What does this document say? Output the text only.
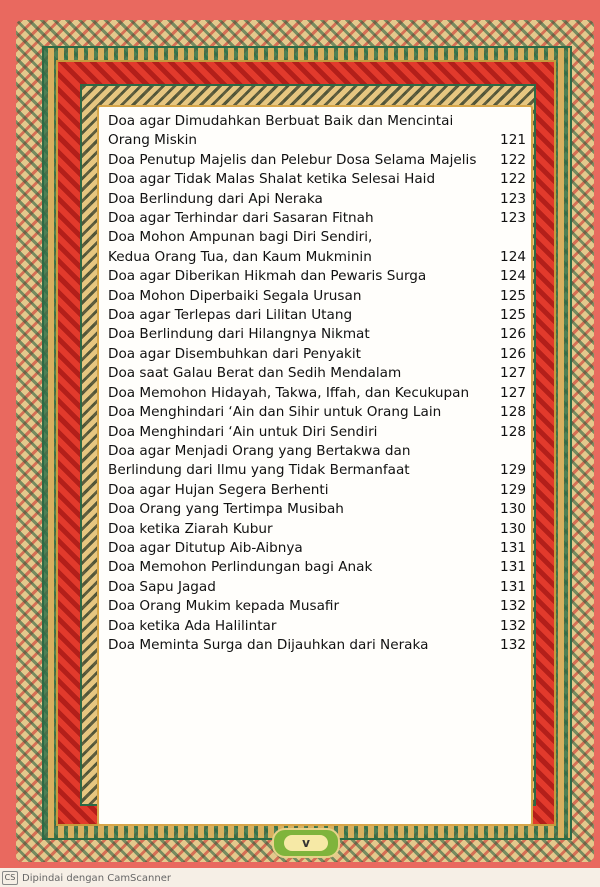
Doa agar Dimudahkan Berbuat Baik dan Mencintai
Orang Miskin	121
Doa Penutup Majelis dan Pelebur Dosa Selama Majelis	122
Doa agar Tidak Malas Shalat ketika Selesai Haid	122
Doa Berlindung dari Api Neraka	123
Doa agar Terhindar dari Sasaran Fitnah	123
Doa Mohon Ampunan bagi Diri Sendiri,
Kedua Orang Tua, dan Kaum Mukminin	124
Doa agar Diberikan Hikmah dan Pewaris Surga	124
Doa Mohon Diperbaiki Segala Urusan	125
Doa agar Terlepas dari Lilitan Utang	125
Doa Berlindung dari Hilangnya Nikmat	126
Doa agar Disembuhkan dari Penyakit	126
Doa saat Galau Berat dan Sedih Mendalam	127
Doa Memohon Hidayah, Takwa, Iffah, dan Kecukupan	127
Doa Menghindari ‘Ain dan Sihir untuk Orang Lain	128
Doa Menghindari ‘Ain untuk Diri Sendiri	128
Doa agar Menjadi Orang yang Bertakwa dan
Berlindung dari Ilmu yang Tidak Bermanfaat	129
Doa agar Hujan Segera Berhenti	129
Doa Orang yang Tertimpa Musibah	130
Doa ketika Ziarah Kubur	130
Doa agar Ditutup Aib-Aibnya	131
Doa Memohon Perlindungan bagi Anak	131
Doa Sapu Jagad	131
Doa Orang Mukim kepada Musafir	132
Doa ketika Ada Halilintar	132
Doa Meminta Surga dan Dijauhkan dari Neraka	132
v
CS Dipindai dengan CamScanner
